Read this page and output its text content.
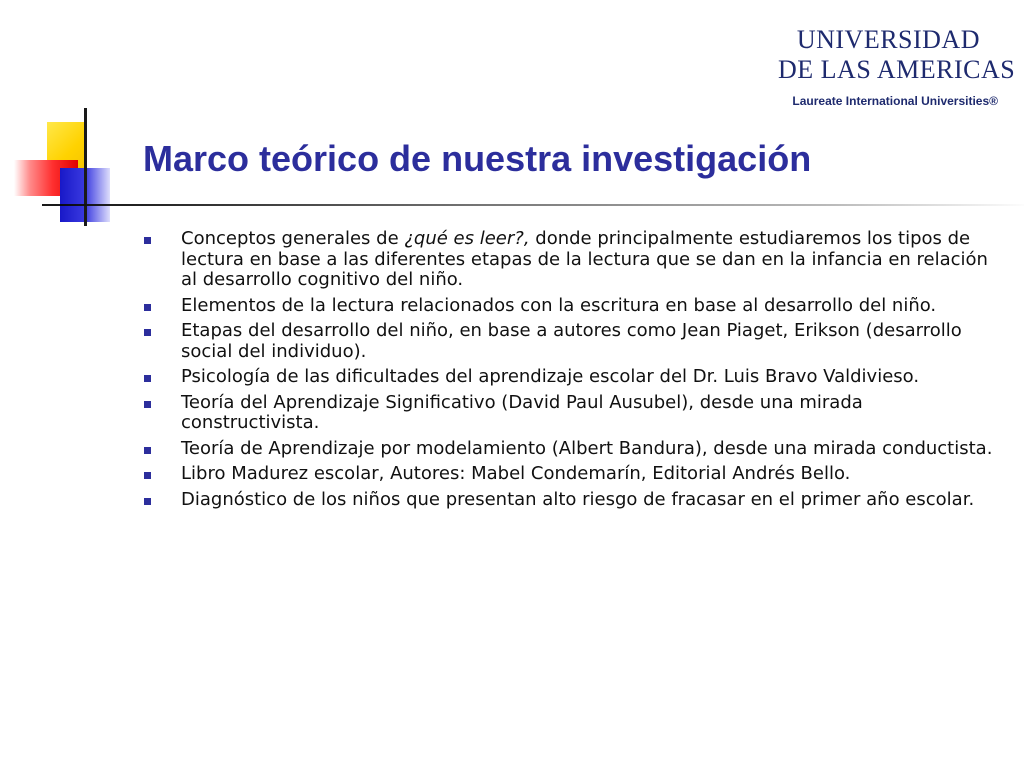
UNIVERSIDAD
DE LAS AMERICAS
Laureate International Universities®
Marco teórico de nuestra investigación
Conceptos generales de ¿qué es leer?, donde principalmente estudiaremos los tipos de lectura en base a las diferentes etapas de la lectura que se dan en la infancia en relación al desarrollo cognitivo del niño.
Elementos de la lectura relacionados con la escritura en base al desarrollo del niño.
Etapas del desarrollo del niño, en base a autores como Jean Piaget, Erikson (desarrollo social del individuo).
Psicología de las dificultades del aprendizaje escolar del Dr. Luis Bravo Valdivieso.
Teoría del Aprendizaje Significativo (David Paul Ausubel), desde una mirada constructivista.
Teoría de Aprendizaje por modelamiento (Albert Bandura), desde una mirada conductista.
Libro Madurez escolar, Autores: Mabel Condemarín, Editorial Andrés Bello.
Diagnóstico de los niños que presentan alto riesgo de fracasar en el primer año escolar.
